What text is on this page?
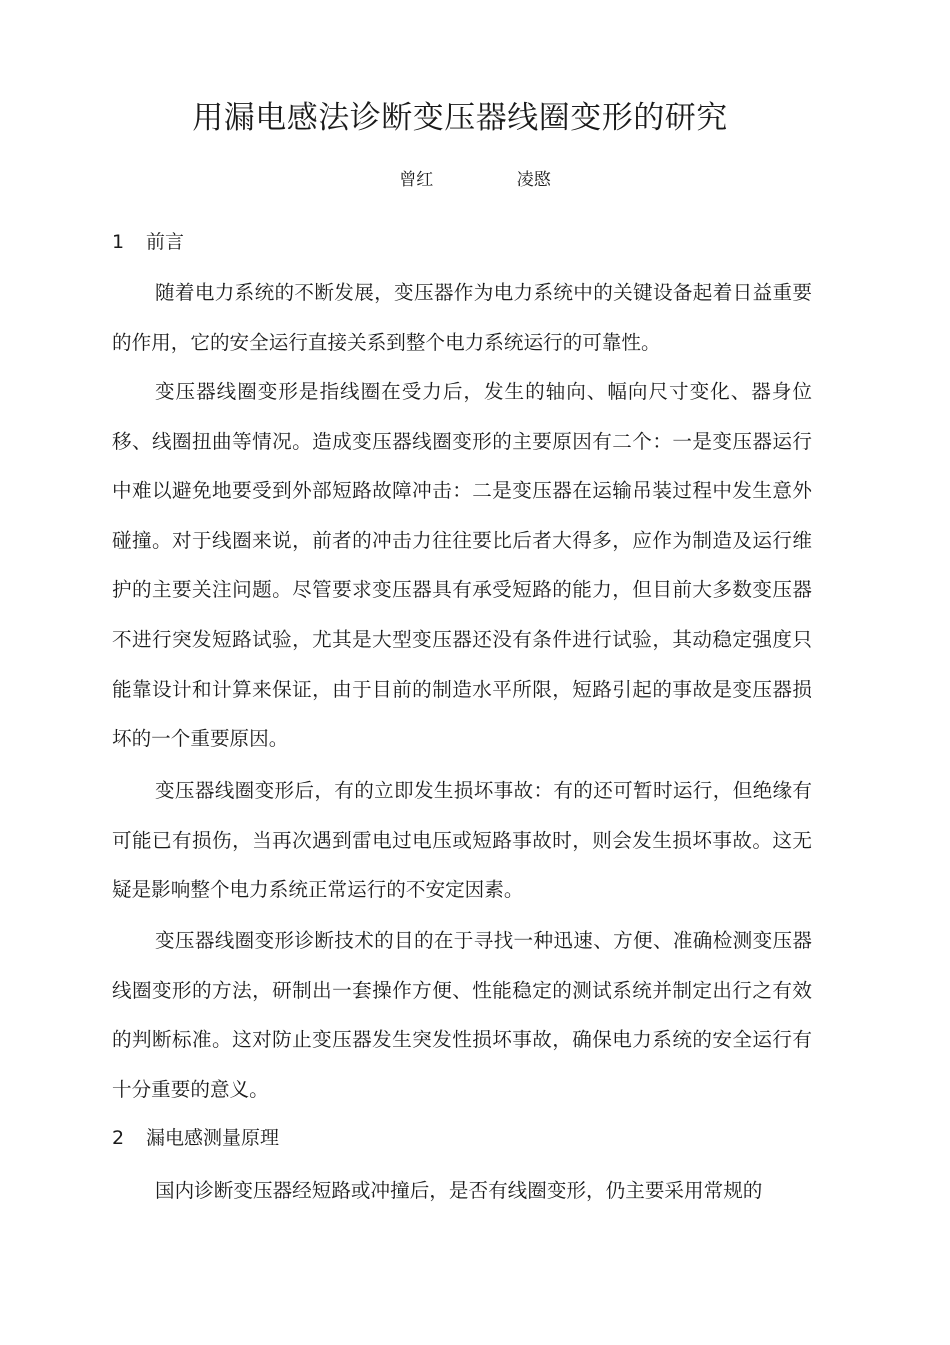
用漏电感法诊断变压器线圈变形的研究
曾红	凌愍
1 前言

随着电力系统的不断发展，变压器作为电力系统中的关键设备起着日益重要的作用，它的安全运行直接关系到整个电力系统运行的可靠性。

变压器线圈变形是指线圈在受力后，发生的轴向、幅向尺寸变化、器身位移、线圈扭曲等情况。造成变压器线圈变形的主要原因有二个：一是变压器运行中难以避免地要受到外部短路故障冲击：二是变压器在运输吊装过程中发生意外碰撞。对于线圈来说，前者的冲击力往往要比后者大得多，应作为制造及运行维护的主要关注问题。尽管要求变压器具有承受短路的能力，但目前大多数变压器不进行突发短路试验，尤其是大型变压器还没有条件进行试验，其动稳定强度只能靠设计和计算来保证，由于目前的制造水平所限，短路引起的事故是变压器损坏的一个重要原因。

变压器线圈变形后，有的立即发生损坏事故：有的还可暂时运行，但绝缘有可能已有损伤，当再次遇到雷电过电压或短路事故时，则会发生损坏事故。这无疑是影响整个电力系统正常运行的不安定因素。

变压器线圈变形诊断技术的目的在于寻找一种迅速、方便、准确检测变压器线圈变形的方法，研制出一套操作方便、性能稳定的测试系统并制定出行之有效的判断标准。这对防止变压器发生突发性损坏事故，确保电力系统的安全运行有十分重要的意义。

2 漏电感测量原理

国内诊断变压器经短路或冲撞后，是否有线圈变形，仍主要采用常规的
